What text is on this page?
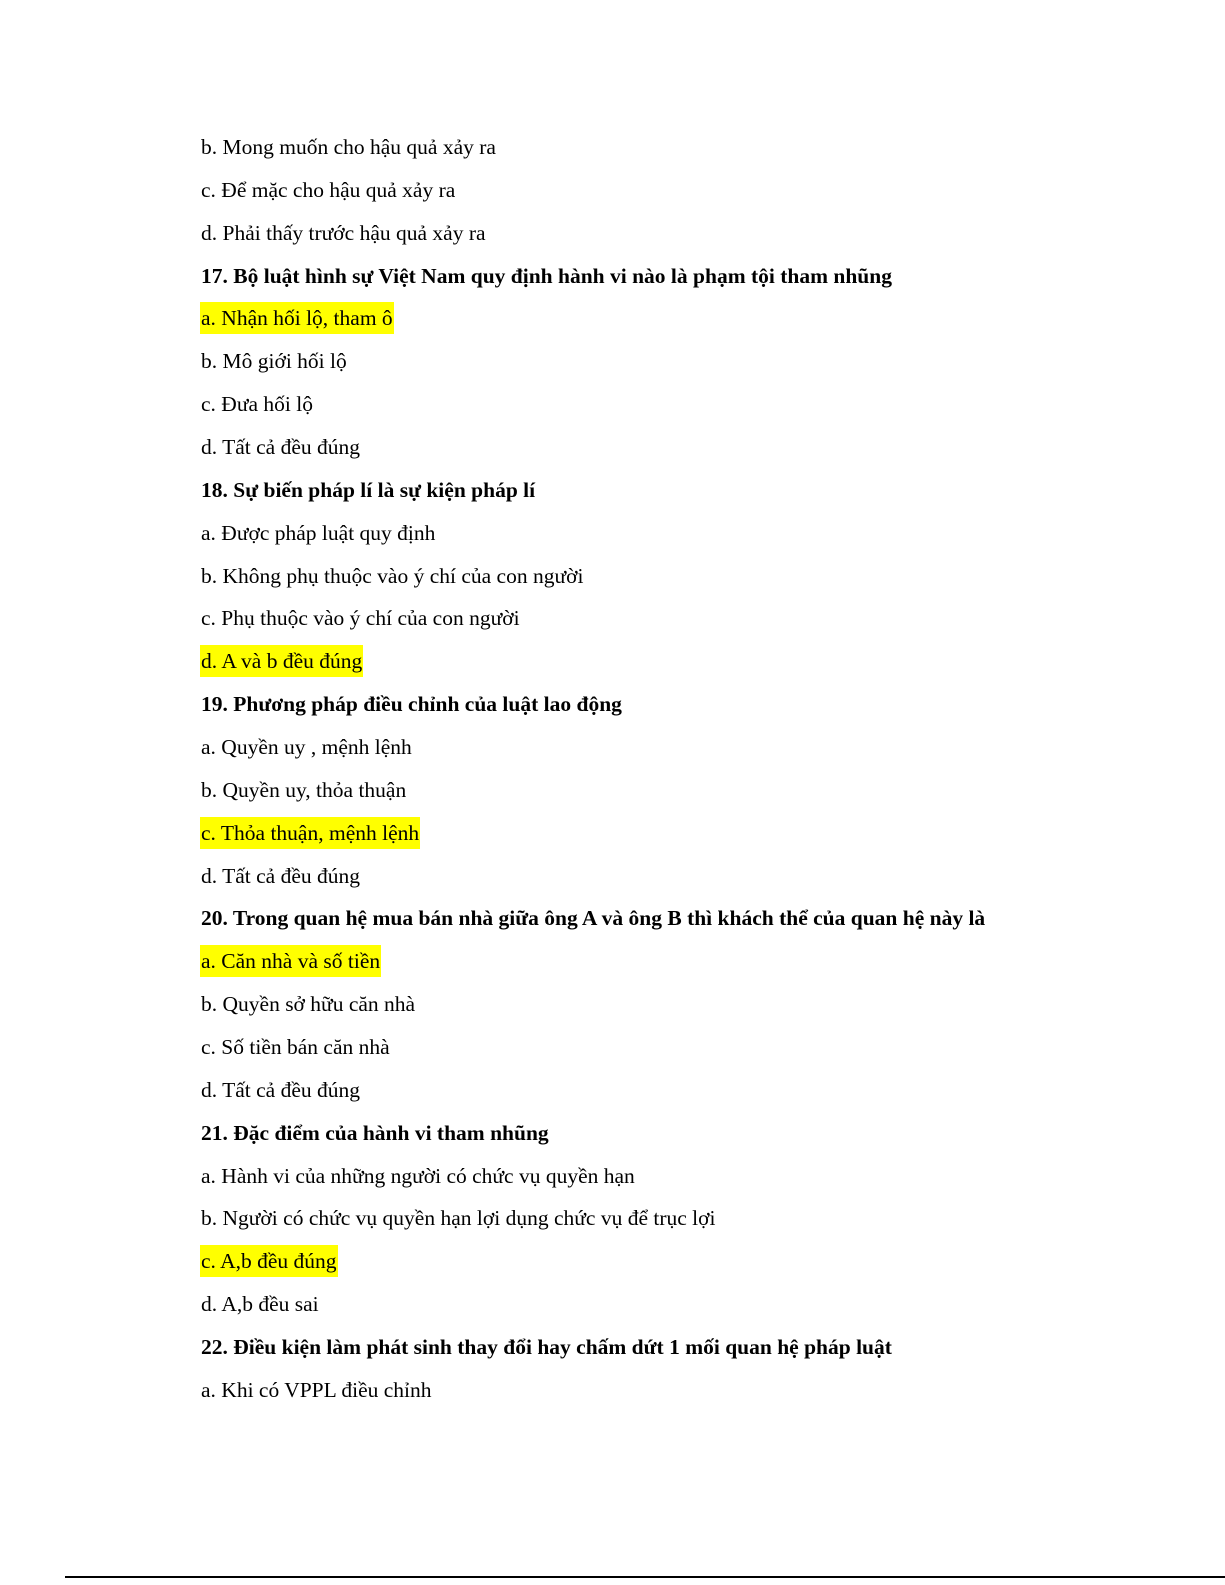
b. Mong muốn cho hậu quả xảy ra
c. Để mặc cho hậu quả xảy ra
d. Phải thấy trước hậu quả xảy ra
17. Bộ luật hình sự Việt Nam quy định hành vi nào là phạm tội tham nhũng
a. Nhận hối lộ, tham ô
b. Mô giới hối lộ
c. Đưa hối lộ
d. Tất cả đều đúng
18. Sự biến pháp lí là sự kiện pháp lí
a. Được pháp luật quy định
b. Không phụ thuộc vào ý chí của con người
c. Phụ thuộc vào ý chí của con người
d. A và b đều đúng
19. Phương pháp điều chỉnh của luật lao động
a. Quyền uy , mệnh lệnh
b. Quyền uy, thỏa thuận
c. Thỏa thuận, mệnh lệnh
d. Tất cả đều đúng
20. Trong quan hệ mua bán nhà giữa ông A và ông B thì khách thể của quan hệ này là
a. Căn nhà và số tiền
b. Quyền sở hữu căn nhà
c. Số tiền bán căn nhà
d. Tất cả đều đúng
21. Đặc điểm của hành vi tham nhũng
a. Hành vi của những người có chức vụ quyền hạn
b. Người có chức vụ quyền hạn lợi dụng chức vụ để trục lợi
c. A,b đều đúng
d. A,b đều sai
22. Điều kiện làm phát sinh thay đổi hay chấm dứt 1 mối quan hệ pháp luật
a. Khi có VPPL điều chỉnh
